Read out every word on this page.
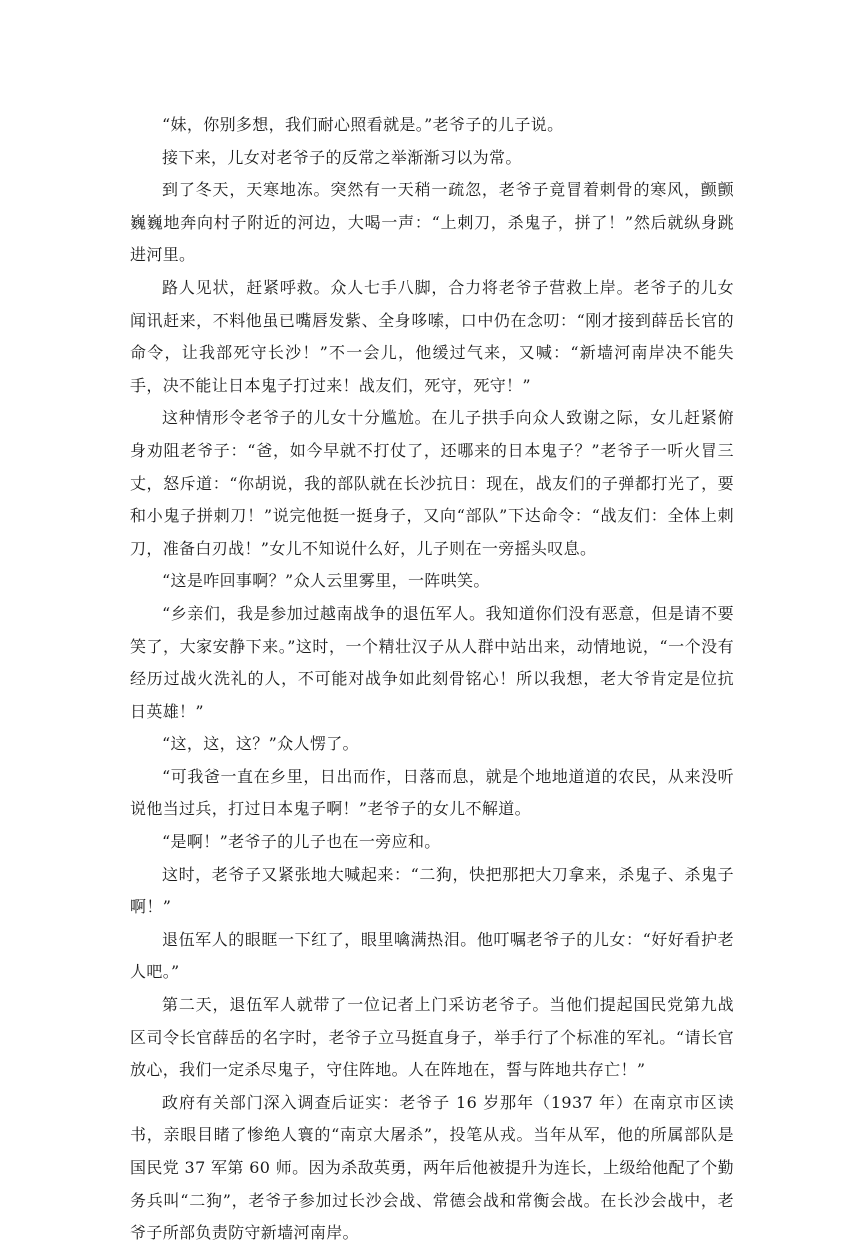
“妹，你别多想，我们耐心照看就是。”老爷子的儿子说。

接下来，儿女对老爷子的反常之举渐渐习以为常。

到了冬天，天寒地冻。突然有一天稍一疏忽，老爷子竟冒着刺骨的寒风，颤颤巍巍地奔向村子附近的河边，大喝一声：“上刺刀，杀鬼子，拼了！”然后就纵身跳进河里。

路人见状，赶紧呼救。众人七手八脚，合力将老爷子营救上岸。老爷子的儿女闻讯赶来，不料他虽已嘴唇发紫、全身哆嗦，口中仍在念叨：“刚才接到薛岳长官的命令，让我部死守长沙！”不一会儿，他缓过气来，又喊：“新墙河南岸决不能失手，决不能让日本鬼子打过来！战友们，死守，死守！”

这种情形令老爷子的儿女十分尴尬。在儿子拱手向众人致谢之际，女儿赶紧俯身劝阻老爷子：“爸，如今早就不打仗了，还哪来的日本鬼子？”老爷子一听火冒三丈，怒斥道：“你胡说，我的部队就在长沙抗日：现在，战友们的子弹都打光了，要和小鬼子拼刺刀！”说完他挺一挺身子，又向“部队”下达命令：“战友们：全体上刺刀，准备白刃战！”女儿不知说什么好，儿子则在一旁摇头叹息。

“这是咋回事啊？”众人云里雾里，一阵哄笑。

“乡亲们，我是参加过越南战争的退伍军人。我知道你们没有恶意，但是请不要笑了，大家安静下来。”这时，一个精壮汉子从人群中站出来，动情地说，“一个没有经历过战火洗礼的人，不可能对战争如此刻骨铭心！所以我想，老大爷肯定是位抗日英雄！”

“这，这，这？”众人愣了。

“可我爸一直在乡里，日出而作，日落而息，就是个地地道道的农民，从来没听说他当过兵，打过日本鬼子啊！”老爷子的女儿不解道。

“是啊！”老爷子的儿子也在一旁应和。

这时，老爷子又紧张地大喊起来：“二狗，快把那把大刀拿来，杀鬼子、杀鬼子啊！”

退伍军人的眼眶一下红了，眼里噙满热泪。他叮嘱老爷子的儿女：“好好看护老人吧。”

第二天，退伍军人就带了一位记者上门采访老爷子。当他们提起国民党第九战区司令长官薛岳的名字时，老爷子立马挺直身子，举手行了个标准的军礼。“请长官放心，我们一定杀尽鬼子，守住阵地。人在阵地在，誓与阵地共存亡！”

政府有关部门深入调查后证实：老爷子 16 岁那年（1937 年）在南京市区读书，亲眼目睹了惨绝人寰的“南京大屠杀”，投笔从戎。当年从军，他的所属部队是国民党 37 军第 60 师。因为杀敌英勇，两年后他被提升为连长，上级给他配了个勤务兵叫“二狗”，老爷子参加过长沙会战、常德会战和常衡会战。在长沙会战中，老爷子所部负责防守新墙河南岸。
